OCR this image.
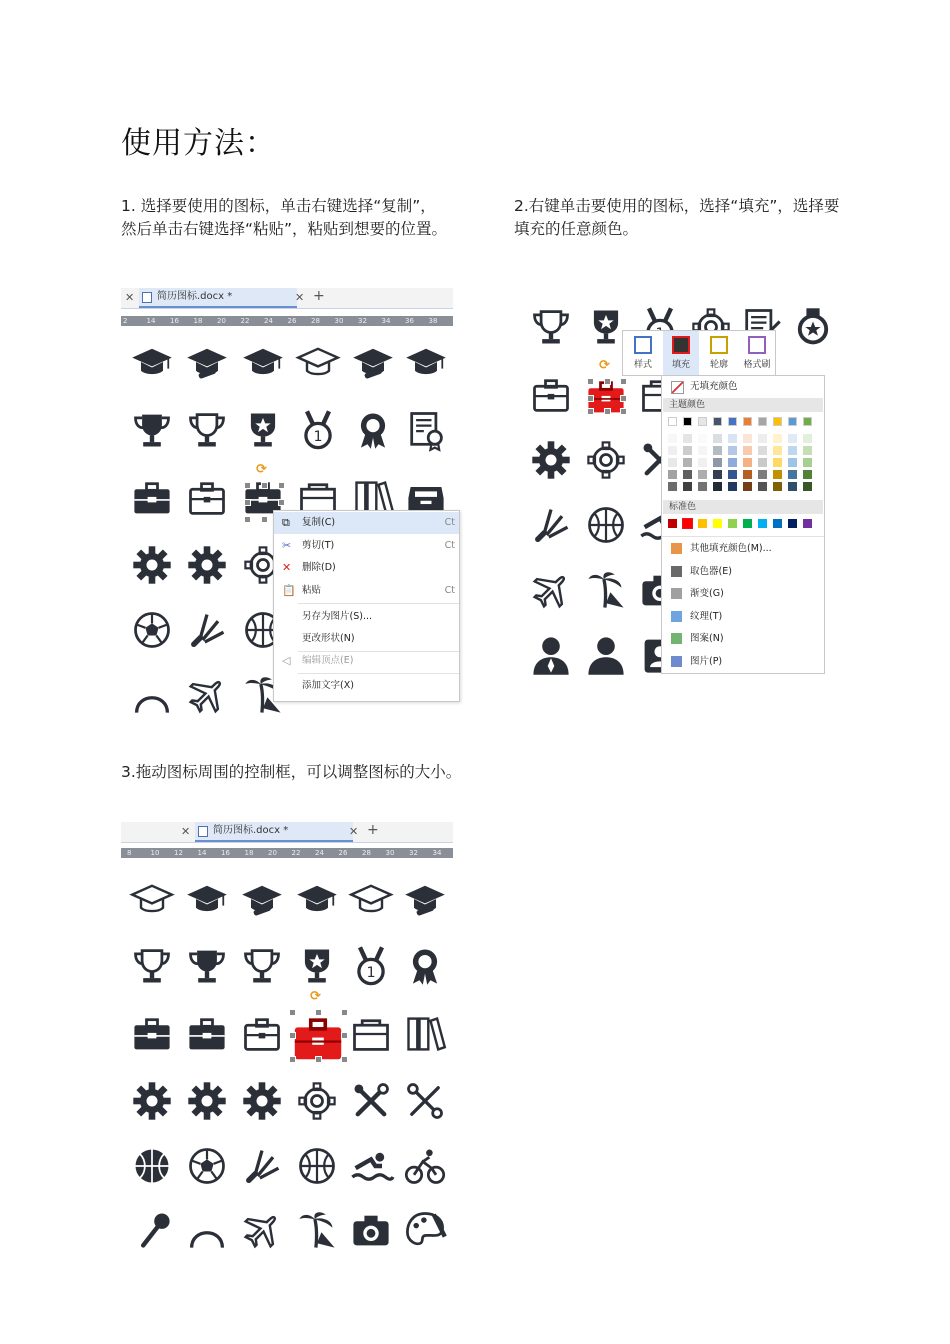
使用方法：
1. 选择要使用的图标，单击右键选择“复制”，
然后单击右键选择“粘贴”，粘贴到想要的位置。
2.右键单击要使用的图标，选择“填充”，选择要
填充的任意颜色。
3.拖动图标周围的控制框，可以调整图标的大小。
✕	简历图标.docx *	✕ +
2	14 16 18 20 22 24 26 28 30 32 34 36 38
1
⟳
⧉ 复制(C)	Ct
✂ 剪切(T)	Ct
✕ 删除(D)
📋 粘贴	Ct
另存为图片(S)...
更改形状(N)
◁ 编辑顶点(E)
添加文字(X)
⟳	样式	填充	轮廓	格式刷
无填充颜色
主题颜色
标准色
其他填充颜色(M)...
取色器(E)
渐变(G)
纹理(T)
图案(N)
图片(P)
✕	简历图标.docx *	✕ +
8	10 12 14 16 18 20 22 24 26 28 30 32 34
1
⟳
